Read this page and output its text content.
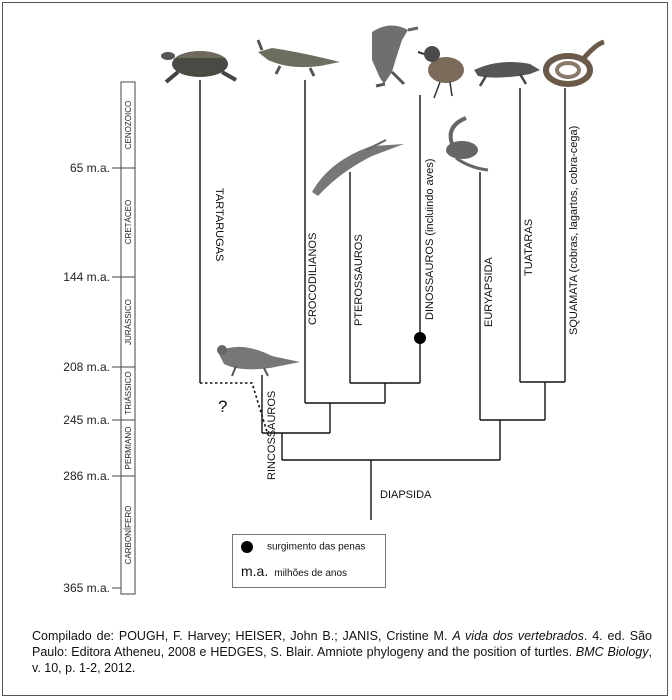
CENOZOICO
CRETÁCEO
JURÁSSICO
TRIÁSSICO
PERMIANO
CARBONÍFERO
65 m.a.
144 m.a.
208 m.a.
245 m.a.
286 m.a.
365 m.a.
TARTARUGAS
CROCODILIANOS	PTEROSSAUROS	DINOSSAUROS (incluindo aves)	EURYAPSIDA
TUATARAS	SQUAMATA (cobras, lagartos, cobra-cega)
RINCOSSAUROS
DIAPSIDA
?
surgimento das penas
m.a. milhões de anos
Compilado de: POUGH, F. Harvey; HEISER, John B.; JANIS, Cristine M. A vida dos vertebrados. 4. ed. São Paulo: Editora Atheneu, 2008 e HEDGES, S. Blair. Amniote phylogeny and the position of turtles. BMC Biology, v. 10, p. 1-2, 2012.
